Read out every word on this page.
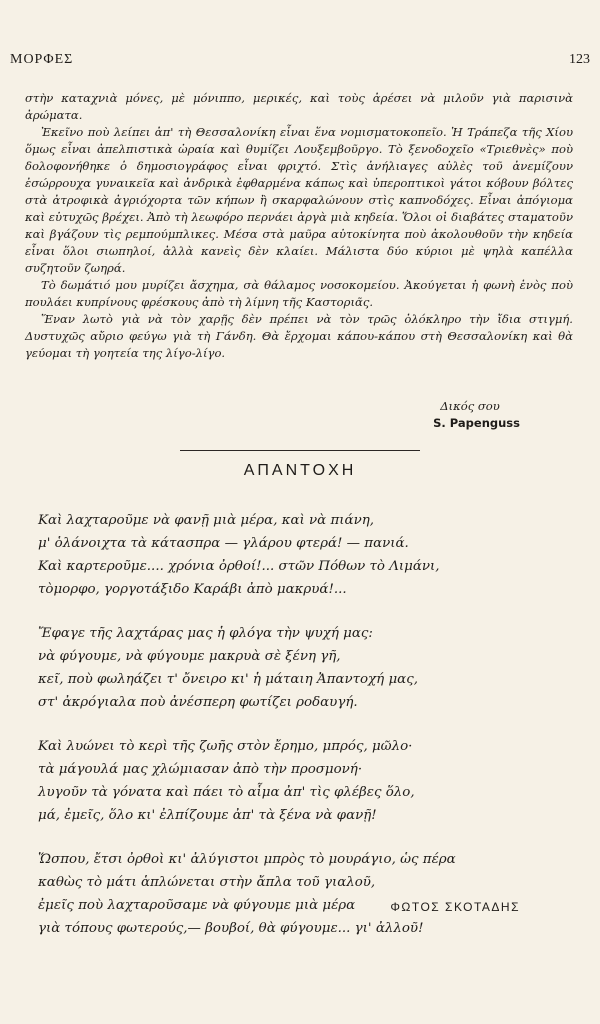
ΜΟΡΦΕΣ	123

στὴν καταχνιὰ μόνες, μὲ μόνιππο, μερικές, καὶ τοὺς ἀρέσει νὰ μιλοῦν γιὰ παρισινὰ ἀρώματα.

Ἐκεῖνο ποὺ λείπει ἀπ' τὴ Θεσσαλονίκη εἶναι ἕνα νομισματοκοπεῖο. Ἡ Τράπεζα τῆς Χίου ὅμως εἶναι ἀπελπιστικὰ ὡραία καὶ θυμίζει Λουξεμβοῦργο. Τὸ ξενοδοχεῖο «Τριεθνὲς» ποὺ δολοφονήθηκε ὁ δημοσιογράφος εἶναι φριχτό. Στὶς ἀνήλιαγες αὐλὲς τοῦ ἀνεμίζουν ἐσώρρουχα γυναικεῖα καὶ ἀνδρικὰ ἐφθαρμένα κάπως καὶ ὑπεροπτικοὶ γάτοι κόβουν βόλτες στὰ ἀτροφικὰ ἀγριόχορτα τῶν κήπων ἢ σκαρφαλώνουν στὶς καπνοδόχες. Εἶναι ἀπόγιομα καὶ εὐτυχῶς βρέχει. Ἀπὸ τὴ λεωφόρο περνάει ἀργὰ μιὰ κηδεία. Ὅλοι οἱ διαβάτες σταματοῦν καὶ βγάζουν τὶς ρεμπούμπλικες. Μέσα στὰ μαῦρα αὐτοκίνητα ποὺ ἀκολουθοῦν τὴν κηδεία εἶναι ὅλοι σιωπηλοί, ἀλλὰ κανεὶς δὲν κλαίει. Μάλιστα δύο κύριοι μὲ ψηλὰ καπέλλα συζητοῦν ζωηρά.

Τὸ δωμάτιό μου μυρίζει ἄσχημα, σὰ θάλαμος νοσοκομείου. Ἀκούγεται ἡ φωνὴ ἑνὸς ποὺ πουλάει κυπρίνους φρέσκους ἀπὸ τὴ λίμνη τῆς Καστοριᾶς.

Ἕναν λωτὸ γιὰ νὰ τὸν χαρῇς δὲν πρέπει νὰ τὸν τρῶς ὁλόκληρο τὴν ἴδια στιγμή. Δυστυχῶς αὔριο φεύγω γιὰ τὴ Γάνδη. Θὰ ἔρχομαι κάπου-κάπου στὴ Θεσσαλονίκη καὶ θὰ γεύομαι τὴ γοητεία της λίγο-λίγο.

Δικός σου
S. Papenguss
ΑΠΑΝΤΟΧΗ
Καὶ λαχταροῦμε νὰ φανῇ μιὰ μέρα, καὶ νὰ πιάνη,
μ' ὁλάνοιχτα τὰ κάτασπρα — γλάρου φτερά! — πανιά.
Καὶ καρτεροῦμε.... χρόνια ὀρθοί!... στῶν Πόθων τὸ Λιμάνι,
τὸμορφο, γοργοτάξιδο Καράβι ἀπὸ μακρυά!...
Ἔφαγε τῆς λαχτάρας μας ἡ φλόγα τὴν ψυχή μας:
νὰ φύγουμε, νὰ φύγουμε μακρυὰ σὲ ξένη γῆ,
κεῖ, ποὺ φωληάζει τ' ὄνειρο κι' ἡ μάταιη Ἀπαντοχή μας,
στ' ἀκρόγιαλα ποὺ ἀνέσπερη φωτίζει ροδαυγή.
Καὶ λυώνει τὸ κερὶ τῆς ζωῆς στὸν ἔρημο, μπρός, μῶλο·
τὰ μάγουλά μας χλώμιασαν ἀπὸ τὴν προσμονή·
λυγοῦν τὰ γόνατα καὶ πάει τὸ αἷμα ἀπ' τὶς φλέβες ὅλο,
μά, ἐμεῖς, ὅλο κι' ἐλπίζουμε ἀπ' τὰ ξένα νὰ φανῇ!
Ὥσπου, ἔτσι ὀρθοὶ κι' ἀλύγιστοι μπρὸς τὸ μουράγιο, ὡς πέρα
καθὼς τὸ μάτι ἁπλώνεται στὴν ἄπλα τοῦ γιαλοῦ,
ἐμεῖς ποὺ λαχταροῦσαμε νὰ φύγουμε μιὰ μέρα
γιὰ τόπους φωτερούς,— βουβοί, θὰ φύγουμε... γι' ἀλλοῦ!
ΦΩΤΟΣ ΣΚΟΤΑΔΗΣ
